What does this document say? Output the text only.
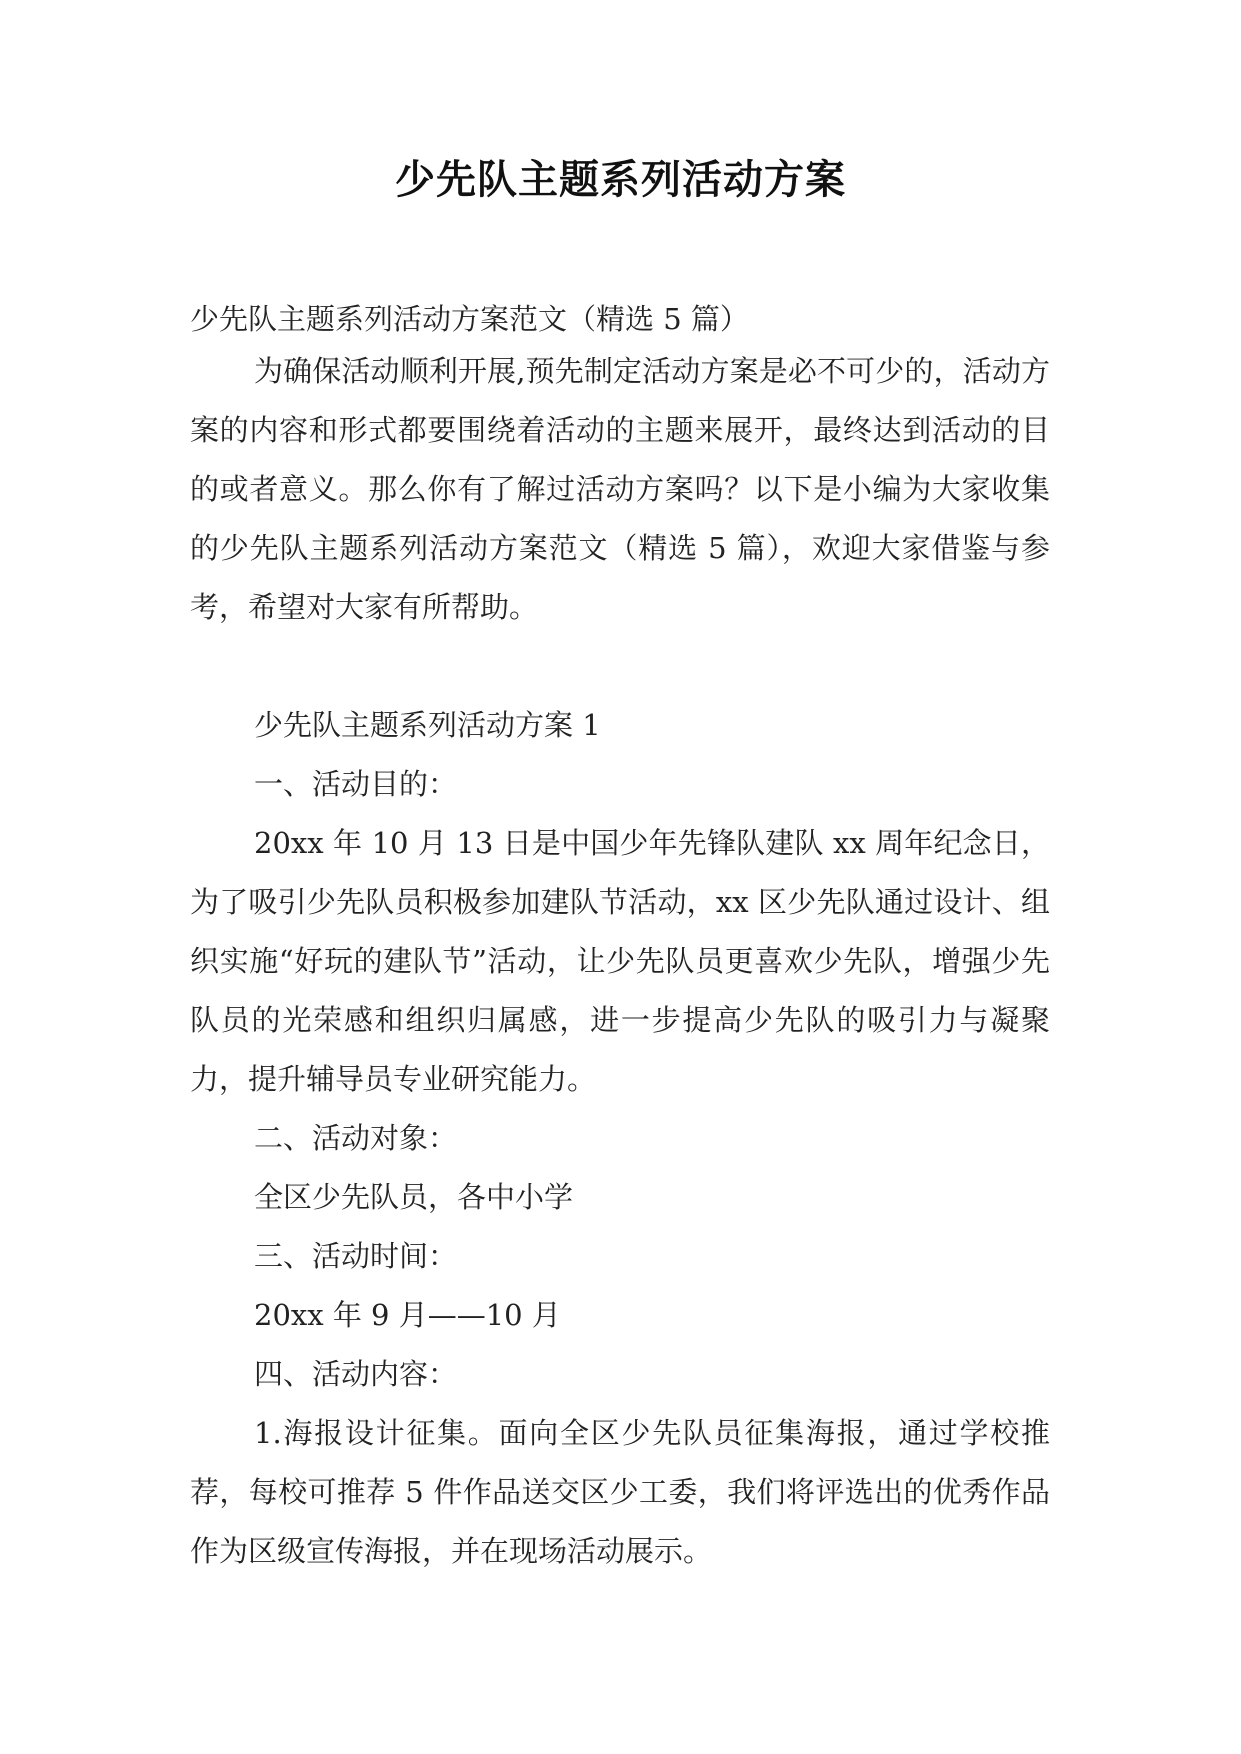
少先队主题系列活动方案

少先队主题系列活动方案范文（精选 5 篇）

为确保活动顺利开展,预先制定活动方案是必不可少的，活动方案的内容和形式都要围绕着活动的主题来展开，最终达到活动的目的或者意义。那么你有了解过活动方案吗？以下是小编为大家收集的少先队主题系列活动方案范文（精选 5 篇），欢迎大家借鉴与参考，希望对大家有所帮助。

少先队主题系列活动方案 1

一、活动目的：

20xx 年 10 月 13 日是中国少年先锋队建队 xx 周年纪念日，为了吸引少先队员积极参加建队节活动，xx 区少先队通过设计、组织实施“好玩的建队节”活动，让少先队员更喜欢少先队，增强少先队员的光荣感和组织归属感，进一步提高少先队的吸引力与凝聚力，提升辅导员专业研究能力。

二、活动对象：

全区少先队员，各中小学

三、活动时间：

20xx 年 9 月——10 月

四、活动内容：

1.海报设计征集。面向全区少先队员征集海报，通过学校推荐，每校可推荐 5 件作品送交区少工委，我们将评选出的优秀作品作为区级宣传海报，并在现场活动展示。
